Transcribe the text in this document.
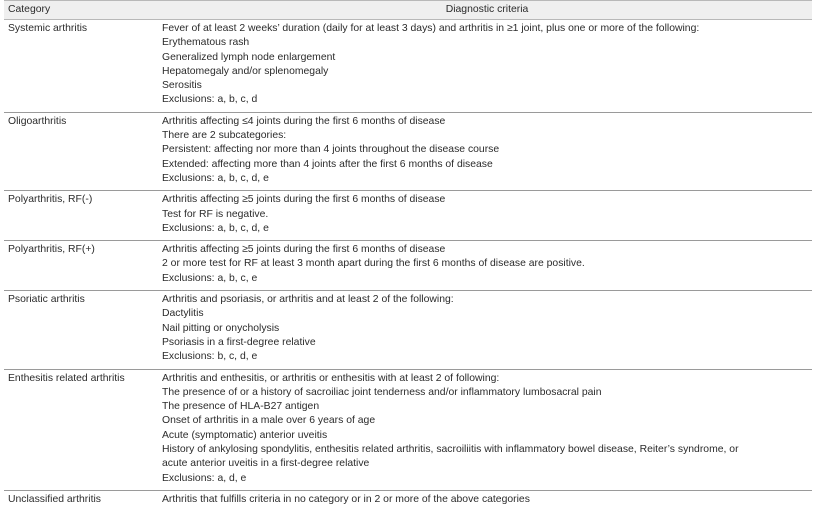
Category	Diagnostic criteria
Systemic arthritis	Fever of at least 2 weeks’ duration (daily for at least 3 days) and arthritis in ≥1 joint, plus one or more of the following:
Erythematous rash
Generalized lymph node enlargement
Hepatomegaly and/or splenomegaly
Serositis
Exclusions: a, b, c, d
Oligoarthritis	Arthritis affecting ≤4 joints during the first 6 months of disease
There are 2 subcategories:
Persistent: affecting nor more than 4 joints throughout the disease course
Extended: affecting more than 4 joints after the first 6 months of disease
Exclusions: a, b, c, d, e
Polyarthritis, RF(-)	Arthritis affecting ≥5 joints during the first 6 months of disease
Test for RF is negative.
Exclusions: a, b, c, d, e
Polyarthritis, RF(+)	Arthritis affecting ≥5 joints during the first 6 months of disease
2 or more test for RF at least 3 month apart during the first 6 months of disease are positive.
Exclusions: a, b, c, e
Psoriatic arthritis	Arthritis and psoriasis, or arthritis and at least 2 of the following:
Dactylitis
Nail pitting or onycholysis
Psoriasis in a first-degree relative
Exclusions: b, c, d, e
Enthesitis related arthritis	Arthritis and enthesitis, or arthritis or enthesitis with at least 2 of following:
The presence of or a history of sacroiliac joint tenderness and/or inflammatory lumbosacral pain
The presence of HLA-B27 antigen
Onset of arthritis in a male over 6 years of age
Acute (symptomatic) anterior uveitis
History of ankylosing spondylitis, enthesitis related arthritis, sacroiliitis with inflammatory bowel disease, Reiter’s syndrome, or
acute anterior uveitis in a first-degree relative
Exclusions: a, d, e
Unclassified arthritis	Arthritis that fulfills criteria in no category or in 2 or more of the above categories
